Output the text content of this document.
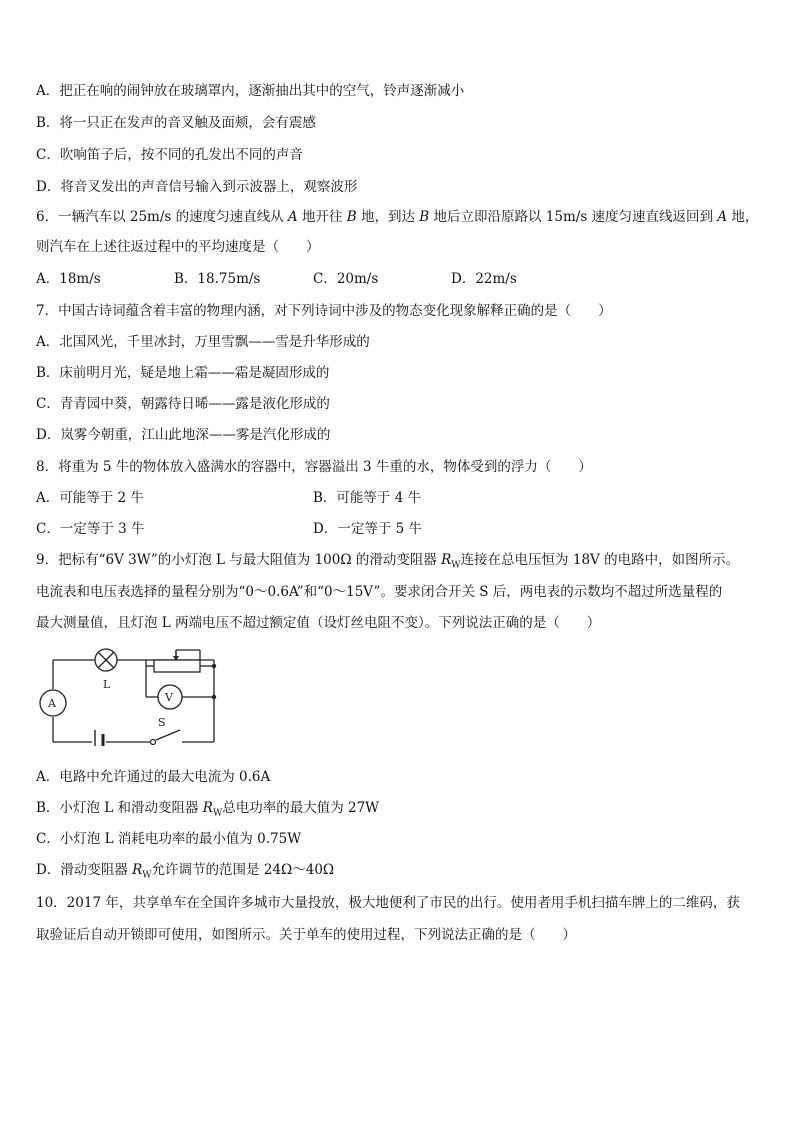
A．把正在响的闹钟放在玻璃罩内，逐渐抽出其中的空气，铃声逐渐减小
B．将一只正在发声的音叉触及面颊，会有震感
C．吹响笛子后，按不同的孔发出不同的声音
D．将音叉发出的声音信号输入到示波器上，观察波形
6．一辆汽车以 25m/s 的速度匀速直线从 A 地开往 B 地，到达 B 地后立即沿原路以 15m/s 速度匀速直线返回到 A 地，
则汽车在上述往返过程中的平均速度是（　　）
A．18m/s	B．18.75m/s	C．20m/s	D．22m/s
7．中国古诗词蕴含着丰富的物理内涵，对下列诗词中涉及的物态变化现象解释正确的是（　　）
A．北国风光，千里冰封，万里雪飘——雪是升华形成的
B．床前明月光，疑是地上霜——霜是凝固形成的
C．青青园中葵，朝露待日晞——露是液化形成的
D．岚雾今朝重，江山此地深——雾是汽化形成的
8．将重为 5 牛的物体放入盛满水的容器中，容器溢出 3 牛重的水，物体受到的浮力（　　）
A．可能等于 2 牛	B．可能等于 4 牛
C．一定等于 3 牛	D．一定等于 5 牛
9．把标有“6V 3W”的小灯泡 L 与最大阻值为 100Ω 的滑动变阻器 $R_W$连接在总电压恒为 18V 的电路中，如图所示。
电流表和电压表选择的量程分别为“0～0.6A”和“0～15V”。要求闭合开关 S 后，两电表的示数均不超过所选量程的
最大测量值，且灯泡 L 两端电压不超过额定值（设灯丝电阻不变）。下列说法正确的是（　　）
L
A	V
S
A．电路中允许通过的最大电流为 0.6A
B．小灯泡 L 和滑动变阻器 $R_W$总电功率的最大值为 27W
C．小灯泡 L 消耗电功率的最小值为 0.75W
D．滑动变阻器 $R_W$允许调节的范围是 24Ω～40Ω
10．2017 年，共享单车在全国许多城市大量投放，极大地便利了市民的出行。使用者用手机扫描车牌上的二维码，获
取验证后自动开锁即可使用，如图所示。关于单车的使用过程，下列说法正确的是（　　）
